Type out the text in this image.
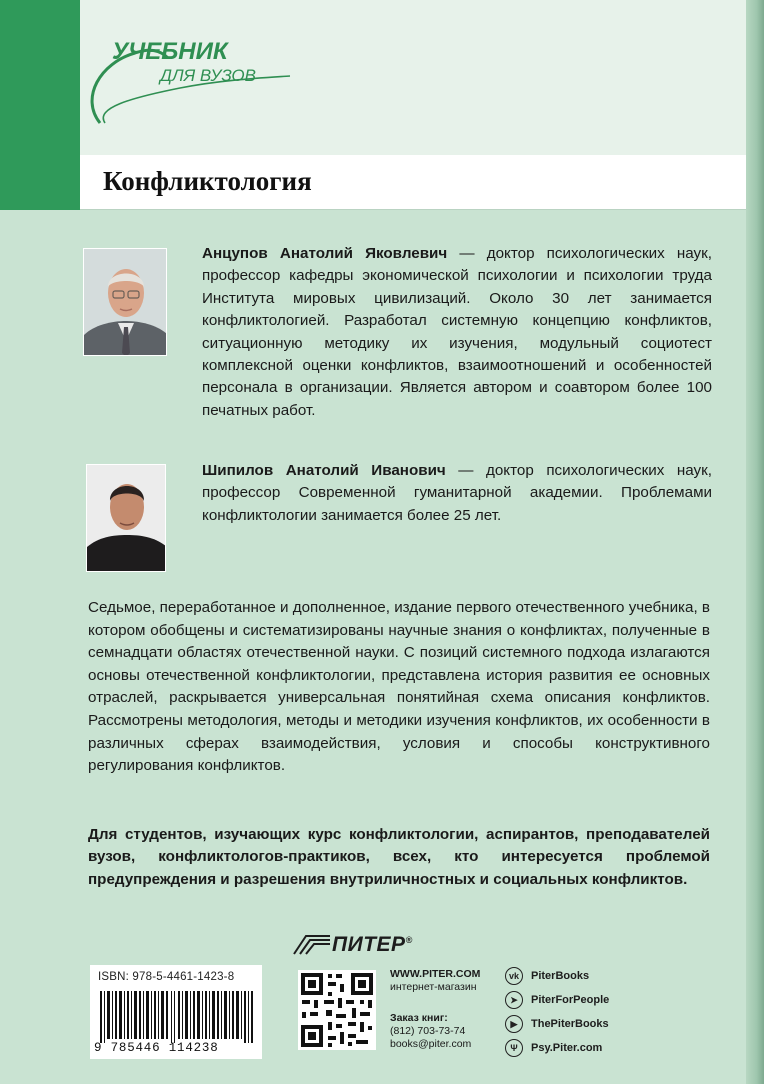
УЧЕБНИК
ДЛЯ ВУЗОВ
Конфликтология
Анцупов Анатолий Яковлевич — доктор психологических наук, профессор кафедры экономической психологии и психологии труда Института мировых цивилизаций. Около 30 лет занимается конфликтологией. Разработал системную концепцию конфликтов, ситуационную методику их изучения, модульный социотест комплексной оценки конфликтов, взаимоотношений и особенностей персонала в организации. Является автором и соавтором более 100 печатных работ.
Шипилов Анатолий Иванович — доктор психологических наук, профессор Современной гуманитарной академии. Проблемами конфликтологии занимается более 25 лет.
Седьмое, переработанное и дополненное, издание первого отечественного учебника, в котором обобщены и систематизированы научные знания о конфликтах, полученные в семнадцати областях отечественной науки. С позиций системного подхода излагаются основы отечественной конфликтологии, представлена история развития ее основных отраслей, раскрывается универсальная понятийная схема описания конфликтов. Рассмотрены методология, методы и методики изучения конфликтов, их особенности в различных сферах взаимодействия, условия и способы конструктивного регулирования конфликтов.
Для студентов, изучающих курс конфликтологии, аспирантов, преподавателей вузов, конфликтологов-практиков, всех, кто интересуется проблемой предупреждения и разрешения внутриличностных и социальных конфликтов.
ПИТЕР®
ISBN: 978-5-4461-1423-8
9 785446 114238
WWW.PITER.COM
интернет-магазин
Заказ книг:
(812) 703-73-74
books@piter.com
vk	PiterBooks
➤	PiterForPeople
▶	ThePiterBooks
Ψ	Psy.Piter.com
